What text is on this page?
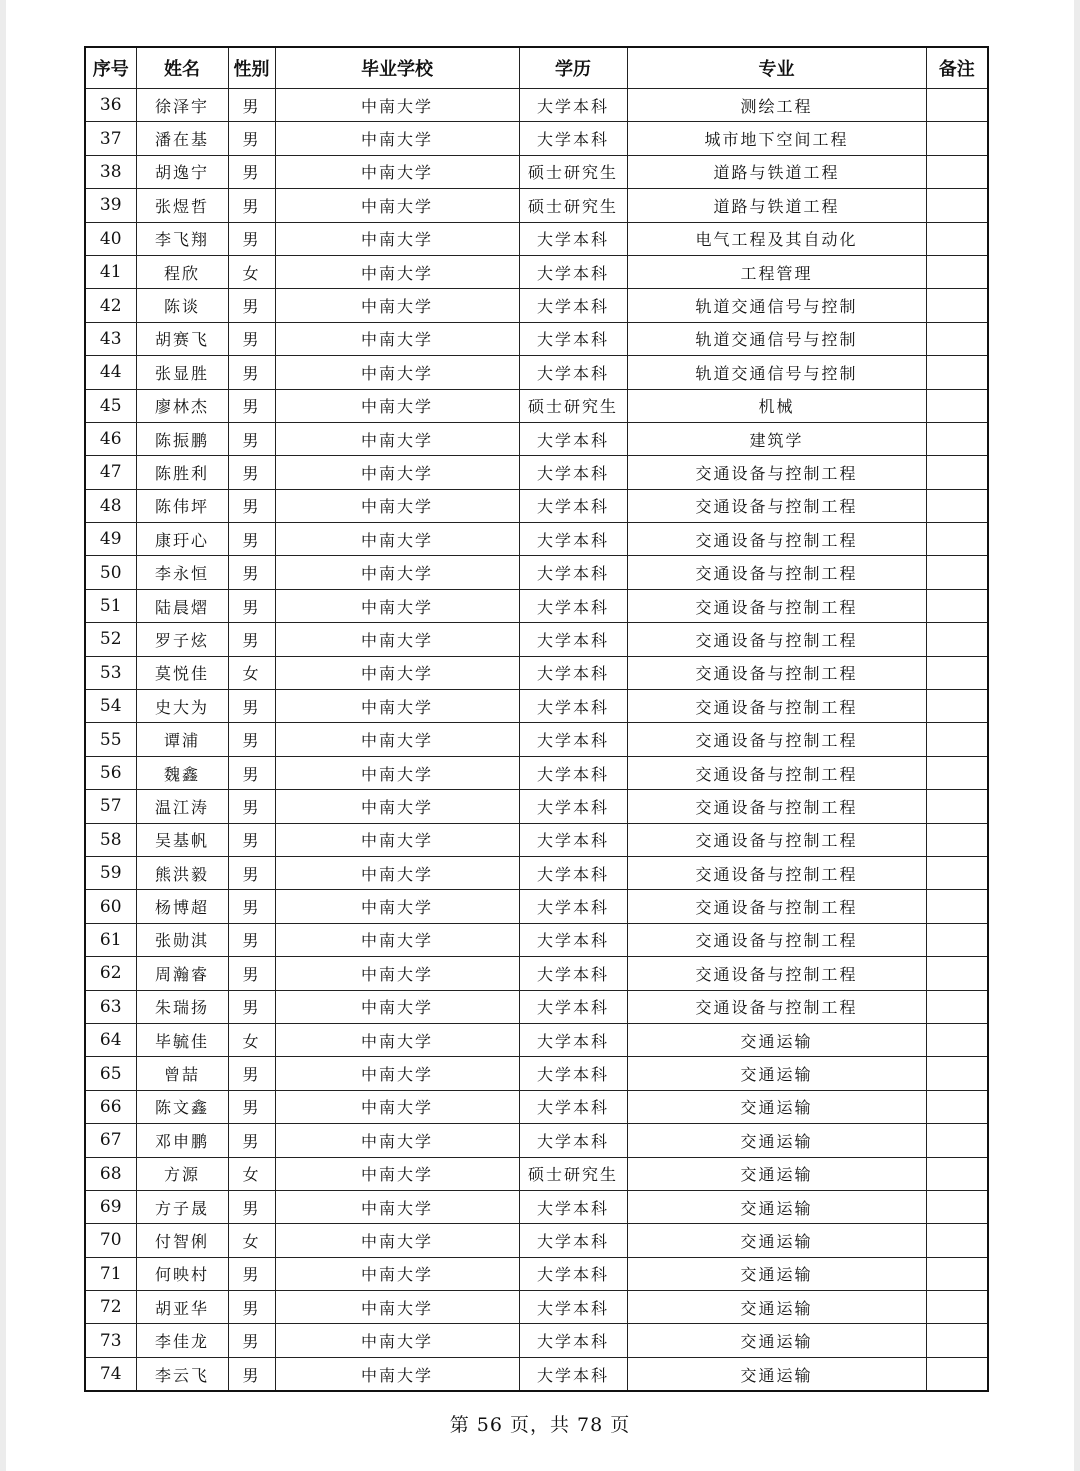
序号	姓名	性别	毕业学校	学历	专业	备注
36	徐泽宇	男	中南大学	大学本科	测绘工程	
37	潘在基	男	中南大学	大学本科	城市地下空间工程	
38	胡逸宁	男	中南大学	硕士研究生	道路与铁道工程	
39	张煜哲	男	中南大学	硕士研究生	道路与铁道工程	
40	李飞翔	男	中南大学	大学本科	电气工程及其自动化	
41	程欣	女	中南大学	大学本科	工程管理	
42	陈谈	男	中南大学	大学本科	轨道交通信号与控制	
43	胡赛飞	男	中南大学	大学本科	轨道交通信号与控制	
44	张显胜	男	中南大学	大学本科	轨道交通信号与控制	
45	廖林杰	男	中南大学	硕士研究生	机械	
46	陈振鹏	男	中南大学	大学本科	建筑学	
47	陈胜利	男	中南大学	大学本科	交通设备与控制工程	
48	陈伟坪	男	中南大学	大学本科	交通设备与控制工程	
49	康玗心	男	中南大学	大学本科	交通设备与控制工程	
50	李永恒	男	中南大学	大学本科	交通设备与控制工程	
51	陆晨熠	男	中南大学	大学本科	交通设备与控制工程	
52	罗子炫	男	中南大学	大学本科	交通设备与控制工程	
53	莫悦佳	女	中南大学	大学本科	交通设备与控制工程	
54	史大为	男	中南大学	大学本科	交通设备与控制工程	
55	谭浦	男	中南大学	大学本科	交通设备与控制工程	
56	魏鑫	男	中南大学	大学本科	交通设备与控制工程	
57	温江涛	男	中南大学	大学本科	交通设备与控制工程	
58	吴基帆	男	中南大学	大学本科	交通设备与控制工程	
59	熊洪毅	男	中南大学	大学本科	交通设备与控制工程	
60	杨博超	男	中南大学	大学本科	交通设备与控制工程	
61	张勋淇	男	中南大学	大学本科	交通设备与控制工程	
62	周瀚睿	男	中南大学	大学本科	交通设备与控制工程	
63	朱瑞扬	男	中南大学	大学本科	交通设备与控制工程	
64	毕毓佳	女	中南大学	大学本科	交通运输	
65	曾喆	男	中南大学	大学本科	交通运输	
66	陈文鑫	男	中南大学	大学本科	交通运输	
67	邓申鹏	男	中南大学	大学本科	交通运输	
68	方源	女	中南大学	硕士研究生	交通运输	
69	方子晟	男	中南大学	大学本科	交通运输	
70	付智俐	女	中南大学	大学本科	交通运输	
71	何映村	男	中南大学	大学本科	交通运输	
72	胡亚华	男	中南大学	大学本科	交通运输	
73	李佳龙	男	中南大学	大学本科	交通运输	
74	李云飞	男	中南大学	大学本科	交通运输	
第 56 页，共 78 页
